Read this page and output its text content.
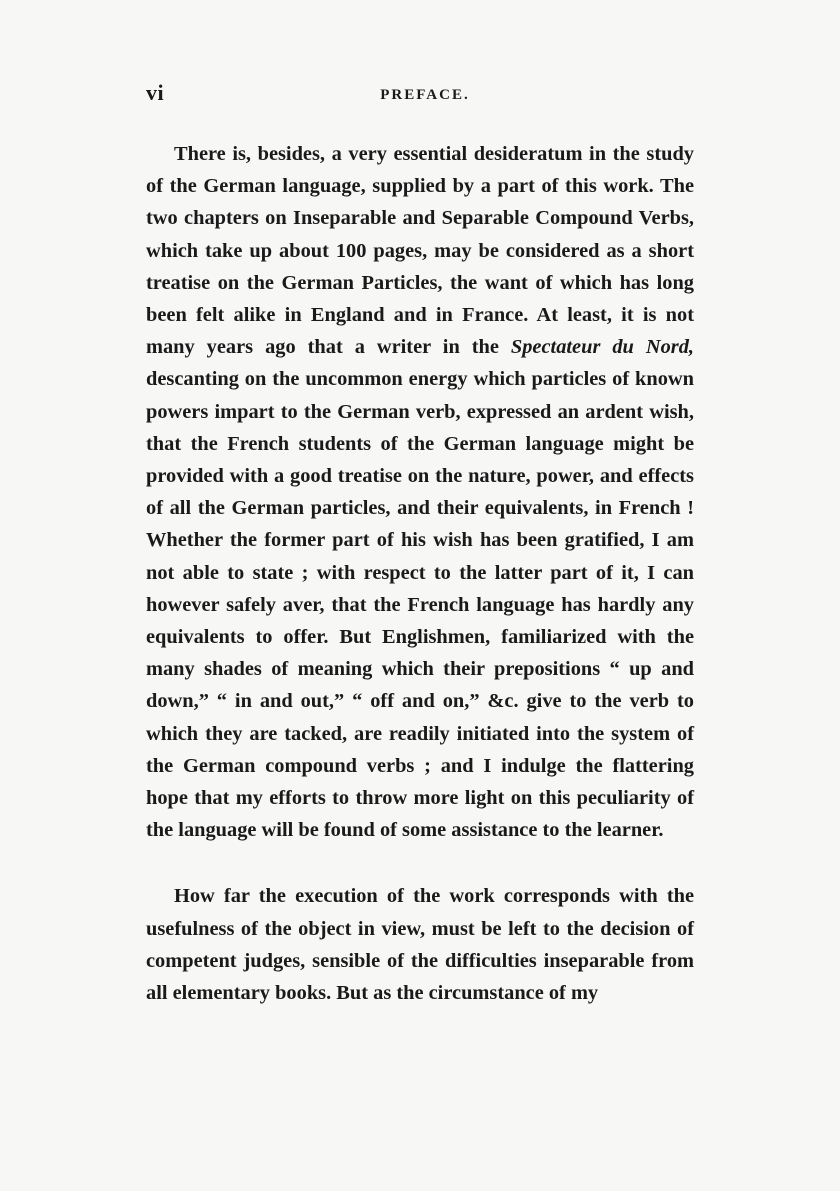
vi	PREFACE.

There is, besides, a very essential desideratum in the study of the German language, supplied by a part of this work. The two chapters on Inseparable and Separable Compound Verbs, which take up about 100 pages, may be considered as a short treatise on the German Particles, the want of which has long been felt alike in England and in France. At least, it is not many years ago that a writer in the Spectateur du Nord, descanting on the uncommon energy which particles of known powers impart to the German verb, expressed an ardent wish, that the French students of the German language might be provided with a good treatise on the nature, power, and effects of all the German particles, and their equivalents, in French ! Whether the former part of his wish has been gratified, I am not able to state ; with respect to the latter part of it, I can however safely aver, that the French language has hardly any equivalents to offer. But Englishmen, familiarized with the many shades of meaning which their prepositions “ up and down,” “ in and out,” “ off and on,” &c. give to the verb to which they are tacked, are readily initiated into the system of the German compound verbs ; and I indulge the flattering hope that my efforts to throw more light on this peculiarity of the language will be found of some assistance to the learner.

How far the execution of the work corresponds with the usefulness of the object in view, must be left to the decision of competent judges, sensible of the difficulties inseparable from all elementary books. But as the circumstance of my
